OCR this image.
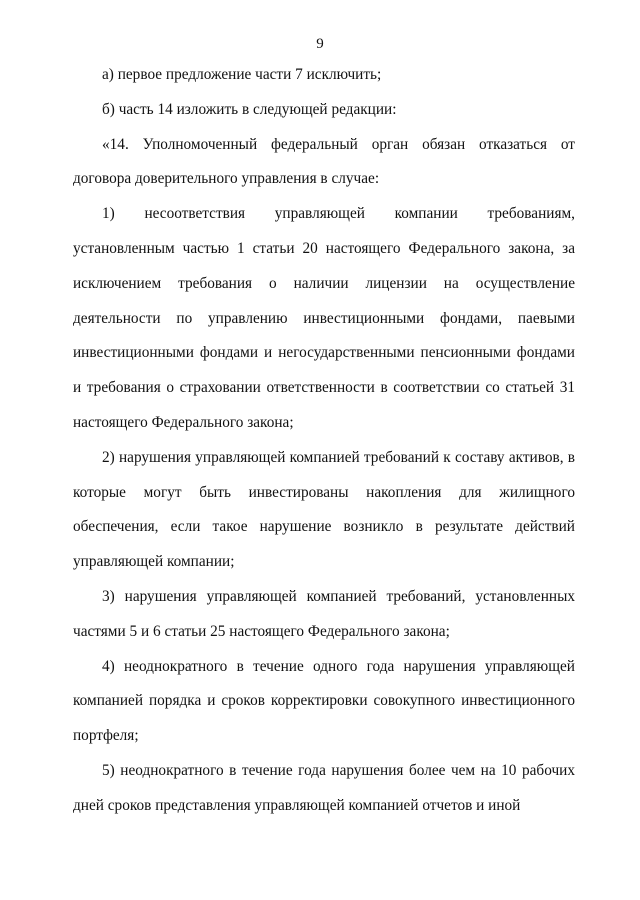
9

а) первое предложение части 7 исключить;

б) часть 14 изложить в следующей редакции:

«14. Уполномоченный федеральный орган обязан отказаться от договора доверительного управления в случае:

1) несоответствия управляющей компании требованиям, установленным частью 1 статьи 20 настоящего Федерального закона, за исключением требования о наличии лицензии на осуществление деятельности по управлению инвестиционными фондами, паевыми инвестиционными фондами и негосударственными пенсионными фондами и требования о страховании ответственности в соответствии со статьей 31 настоящего Федерального закона;

2) нарушения управляющей компанией требований к составу активов, в которые могут быть инвестированы накопления для жилищного обеспечения, если такое нарушение возникло в результате действий управляющей компании;

3) нарушения управляющей компанией требований, установленных частями 5 и 6 статьи 25 настоящего Федерального закона;

4) неоднократного в течение одного года нарушения управляющей компанией порядка и сроков корректировки совокупного инвестиционного портфеля;

5) неоднократного в течение года нарушения более чем на 10 рабочих дней сроков представления управляющей компанией отчетов и иной
